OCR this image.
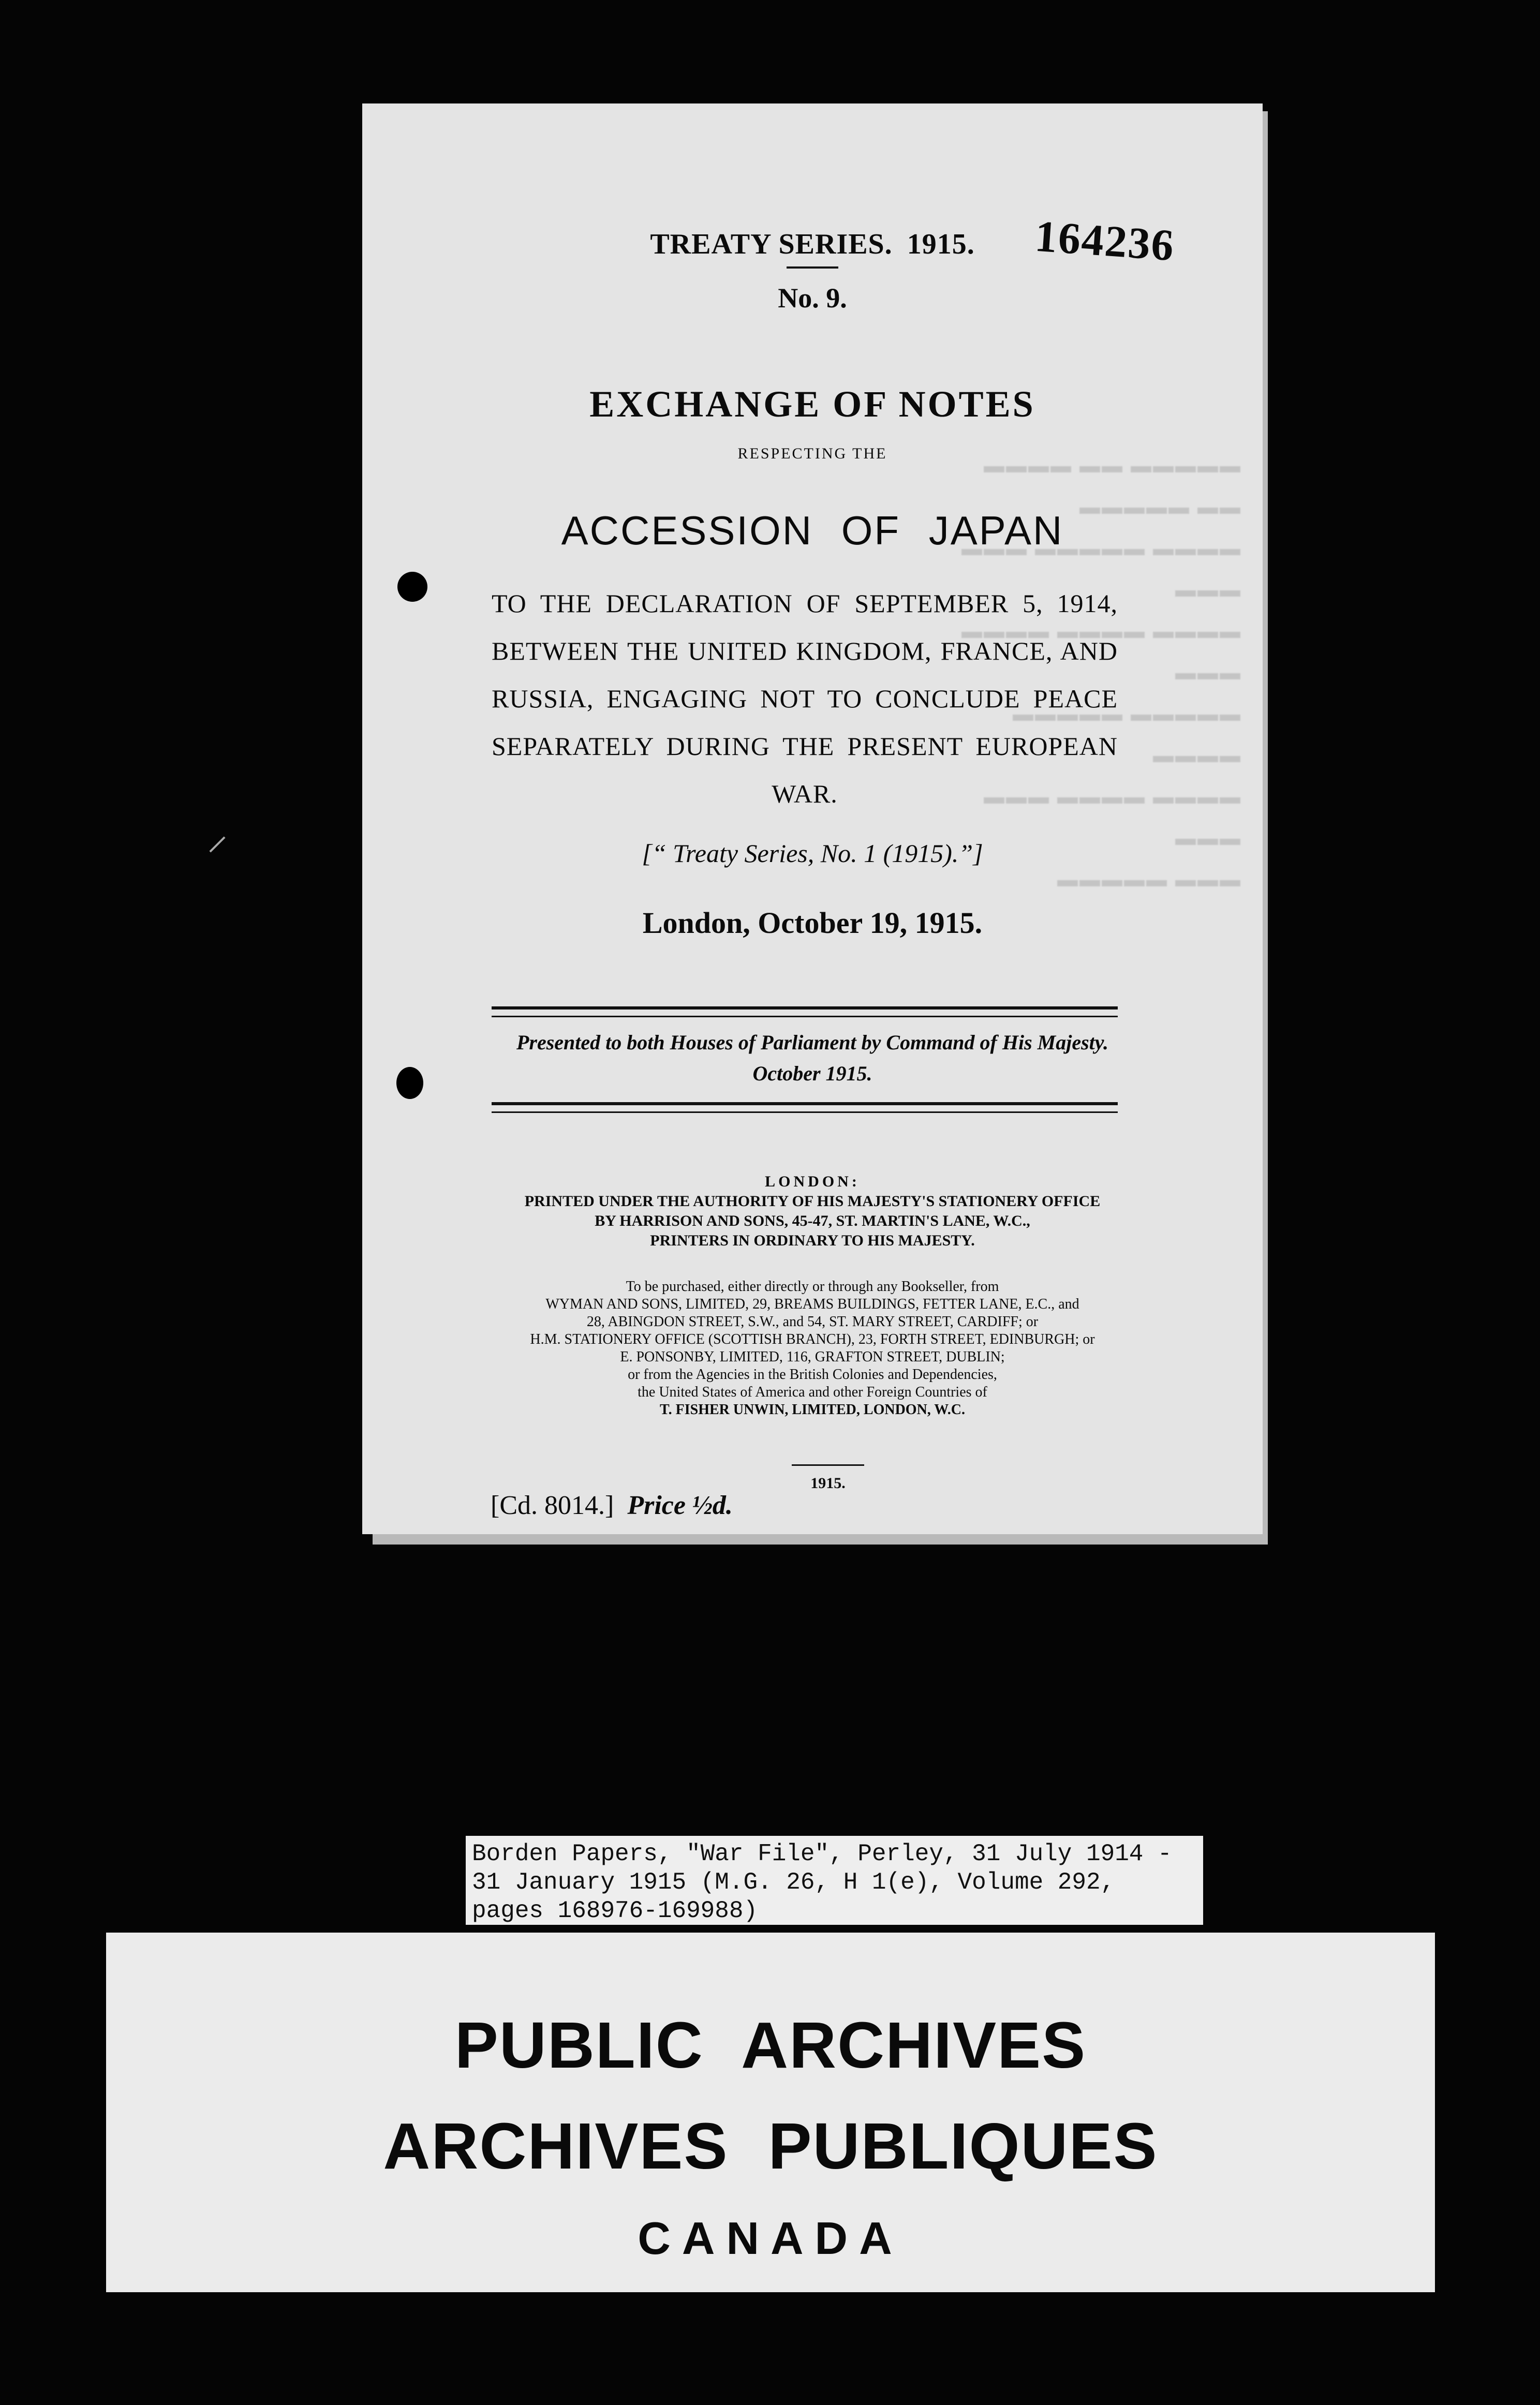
▬▬▬▬ ▬▬ ▬▬▬▬▬ ▬▬▬▬▬ ▬▬
▬▬▬ ▬▬▬▬▬ ▬▬▬▬ ▬▬▬
▬▬▬▬ ▬▬▬▬ ▬▬▬▬ ▬▬▬
▬▬▬▬▬ ▬▬▬▬▬ ▬▬▬▬
▬▬▬ ▬▬▬▬ ▬▬▬▬ ▬▬▬
▬▬▬▬▬ ▬▬▬
TREATY SERIES. 1915.
No. 9.
164236
EXCHANGE OF NOTES
RESPECTING THE
ACCESSION OF JAPAN
TO THE DECLARATION OF SEPTEMBER 5, 1914, BETWEEN THE UNITED KINGDOM, FRANCE, AND RUSSIA, ENGAGING NOT TO CONCLUDE PEACE SEPARATELY DURING THE PRESENT EUROPEAN WAR.
[“ Treaty Series, No. 1 (1915).”]
London, October 19, 1915.
Presented to both Houses of Parliament by Command of His Majesty.
October 1915.
LONDON:
PRINTED UNDER THE AUTHORITY OF HIS MAJESTY'S STATIONERY OFFICE
BY HARRISON AND SONS, 45-47, ST. MARTIN'S LANE, W.C.,
PRINTERS IN ORDINARY TO HIS MAJESTY.
To be purchased, either directly or through any Bookseller, from
WYMAN AND SONS, LIMITED, 29, BREAMS BUILDINGS, FETTER LANE, E.C., and
28, ABINGDON STREET, S.W., and 54, ST. MARY STREET, CARDIFF; or
H.M. STATIONERY OFFICE (SCOTTISH BRANCH), 23, FORTH STREET, EDINBURGH; or
E. PONSONBY, LIMITED, 116, GRAFTON STREET, DUBLIN;
or from the Agencies in the British Colonies and Dependencies,
the United States of America and other Foreign Countries of
T. FISHER UNWIN, LIMITED, LONDON, W.C.
1915.
[Cd. 8014.] Price ½d.
Borden Papers, "War File", Perley, 31 July 1914 -
31 January 1915 (M.G. 26, H 1(e), Volume 292,
pages 168976-169988)
PUBLIC ARCHIVES
ARCHIVES PUBLIQUES
CANADA
